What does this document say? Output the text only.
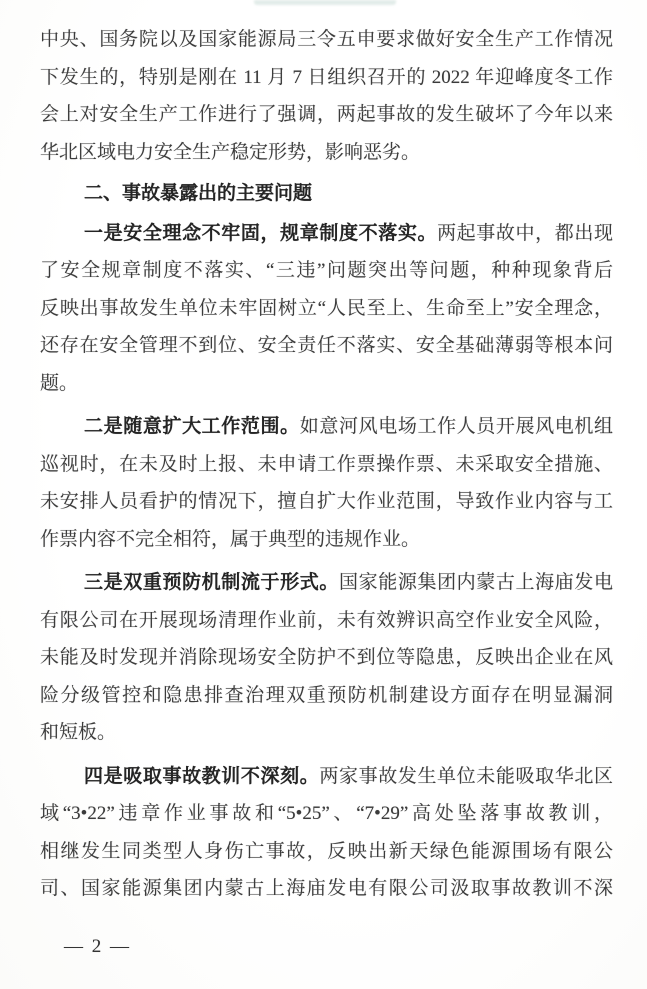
中央、国务院以及国家能源局三令五申要求做好安全生产工作情况
下发生的，特别是刚在 11 月 7 日组织召开的 2022 年迎峰度冬工作
会上对安全生产工作进行了强调，两起事故的发生破坏了今年以来
华北区域电力安全生产稳定形势，影响恶劣。
二、事故暴露出的主要问题
一是安全理念不牢固，规章制度不落实。两起事故中，都出现
了安全规章制度不落实、“三违”问题突出等问题，种种现象背后
反映出事故发生单位未牢固树立“人民至上、生命至上”安全理念，
还存在安全管理不到位、安全责任不落实、安全基础薄弱等根本问
题。
二是随意扩大工作范围。如意河风电场工作人员开展风电机组
巡视时，在未及时上报、未申请工作票操作票、未采取安全措施、
未安排人员看护的情况下，擅自扩大作业范围，导致作业内容与工
作票内容不完全相符，属于典型的违规作业。
三是双重预防机制流于形式。国家能源集团内蒙古上海庙发电
有限公司在开展现场清理作业前，未有效辨识高空作业安全风险，
未能及时发现并消除现场安全防护不到位等隐患，反映出企业在风
险分级管控和隐患排查治理双重预防机制建设方面存在明显漏洞
和短板。
四是吸取事故教训不深刻。两家事故发生单位未能吸取华北区
域“3•22”违章作业事故和“5•25”、“7•29”高处坠落事故教训，
相继发生同类型人身伤亡事故，反映出新天绿色能源围场有限公
司、国家能源集团内蒙古上海庙发电有限公司汲取事故教训不深
— 2 —
